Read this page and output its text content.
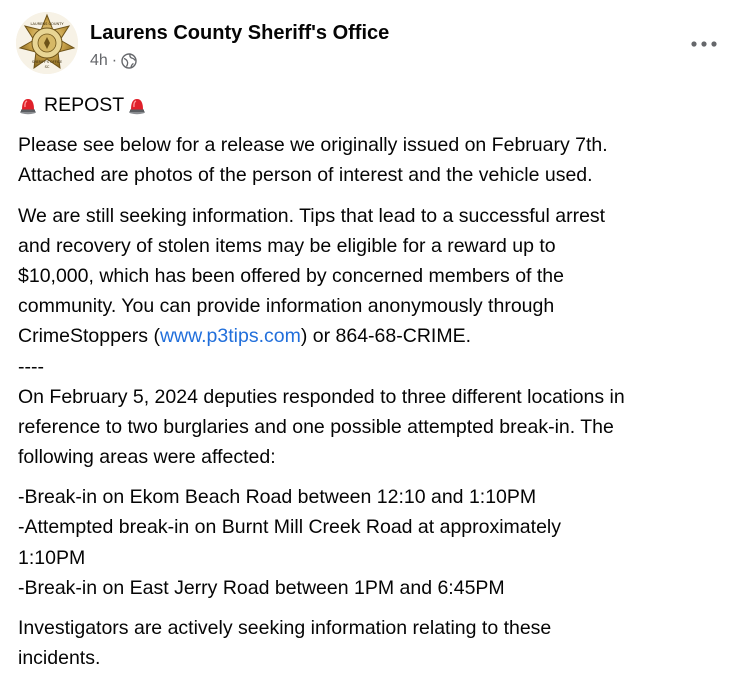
LAURENS COUNTY
SHERIFF'S OFFICE
SC
Laurens County Sheriff's Office
4h ·
REPOST
Please see below for a release we originally issued on February 7th.
Attached are photos of the person of interest and the vehicle used.
We are still seeking information. Tips that lead to a successful arrest
and recovery of stolen items may be eligible for a reward up to
$10,000, which has been offered by concerned members of the
community. You can provide information anonymously through
CrimeStoppers (www.p3tips.com) or 864-68-CRIME.
----
On February 5, 2024 deputies responded to three different locations in
reference to two burglaries and one possible attempted break-in. The
following areas were affected:
-Break-in on Ekom Beach Road between 12:10 and 1:10PM
-Attempted break-in on Burnt Mill Creek Road at approximately
1:10PM
-Break-in on East Jerry Road between 1PM and 6:45PM
Investigators are actively seeking information relating to these
incidents.
